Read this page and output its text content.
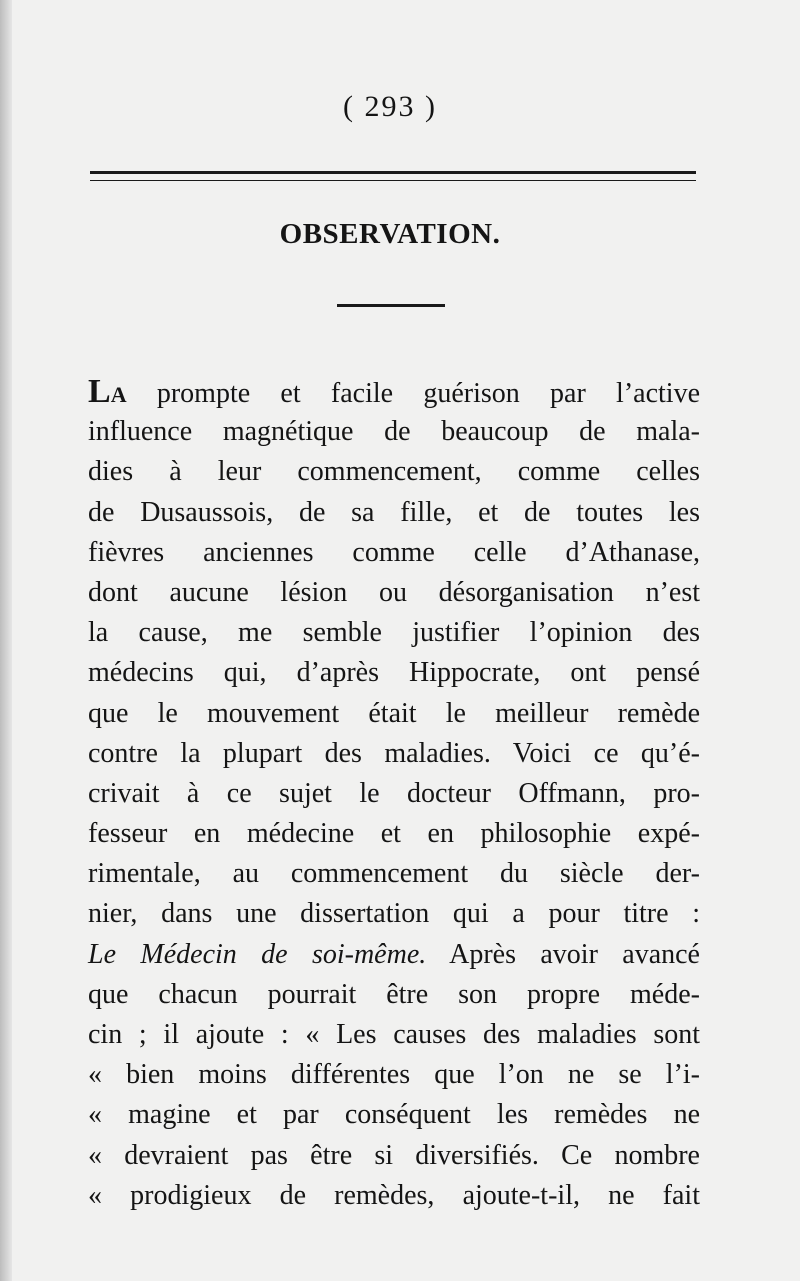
( 293 )
OBSERVATION.
LA prompte et facile guérison par l’active
influence magnétique de beaucoup de mala-
dies à leur commencement, comme celles
de Dusaussois, de sa fille, et de toutes les
fièvres anciennes comme celle d’Athanase,
dont aucune lésion ou désorganisation n’est
la cause, me semble justifier l’opinion des
médecins qui, d’après Hippocrate, ont pensé
que le mouvement était le meilleur remède
contre la plupart des maladies. Voici ce qu’é-
crivait à ce sujet le docteur Offmann, pro-
fesseur en médecine et en philosophie expé-
rimentale, au commencement du siècle der-
nier, dans une dissertation qui a pour titre :
Le Médecin de soi-même. Après avoir avancé
que chacun pourrait être son propre méde-
cin ; il ajoute : « Les causes des maladies sont
« bien moins différentes que l’on ne se l’i-
« magine et par conséquent les remèdes ne
« devraient pas être si diversifiés. Ce nombre
« prodigieux de remèdes, ajoute-t-il, ne fait
